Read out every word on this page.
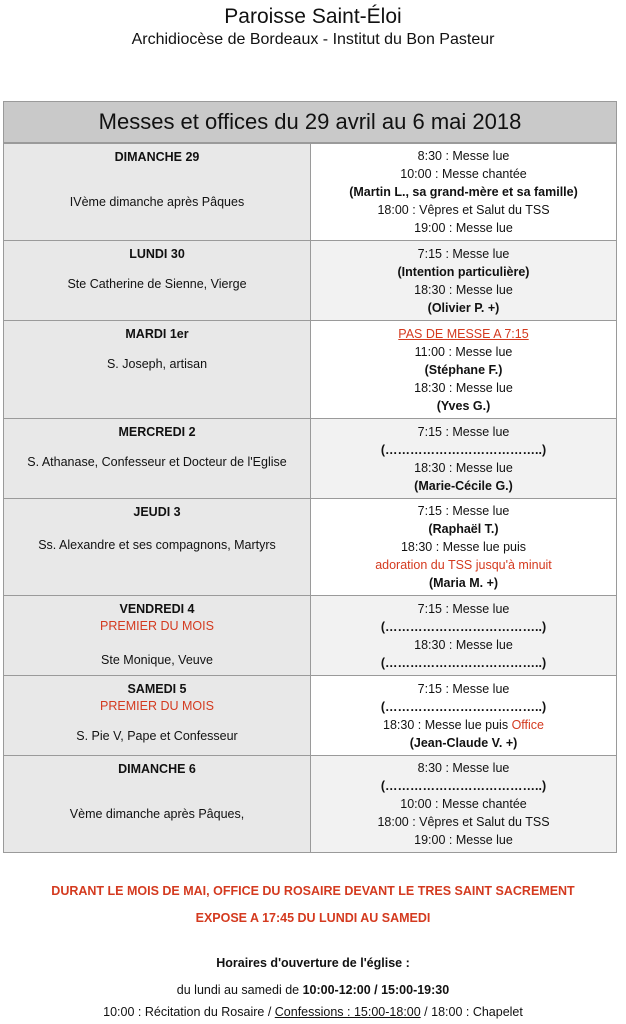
Paroisse Saint-Éloi
Archidiocèse de Bordeaux - Institut du Bon Pasteur
Messes et offices du 29 avril au 6 mai 2018
DIMANCHE 29
IVème dimanche après Pâques
8:30 : Messe lue
10:00 : Messe chantée
(Martin L., sa grand-mère et sa famille)
18:00 : Vêpres et Salut du TSS
19:00 : Messe lue
LUNDI 30
Ste Catherine de Sienne, Vierge
7:15 : Messe lue
(Intention particulière)
18:30 : Messe lue
(Olivier P. +)
MARDI 1er
S. Joseph, artisan
PAS DE MESSE A 7:15
11:00 : Messe lue
(Stéphane F.)
18:30 : Messe lue
(Yves G.)
MERCREDI 2
S. Athanase, Confesseur et Docteur de l'Eglise
7:15 : Messe lue
(………………………………..)
18:30 : Messe lue
(Marie-Cécile G.)
JEUDI 3
Ss. Alexandre et ses compagnons, Martyrs
7:15 : Messe lue
(Raphaël T.)
18:30 : Messe lue puis
adoration du TSS jusqu'à minuit
(Maria M. +)
VENDREDI 4
PREMIER DU MOIS
Ste Monique, Veuve
7:15 : Messe lue
(………………………………..)
18:30 : Messe lue
(………………………………..)
SAMEDI 5
PREMIER DU MOIS
S. Pie V, Pape et Confesseur
7:15 : Messe lue
(………………………………..)
18:30 : Messe lue puis Office
(Jean-Claude V. +)
DIMANCHE 6
Vème dimanche après Pâques,
8:30 : Messe lue
(………………………………..)
10:00 : Messe chantée
18:00 : Vêpres et Salut du TSS
19:00 : Messe lue
DURANT LE MOIS DE MAI, OFFICE DU ROSAIRE DEVANT LE TRES SAINT SACREMENT
EXPOSE A 17:45 DU LUNDI AU SAMEDI
Horaires d'ouverture de l'église :
du lundi au samedi de 10:00-12:00 / 15:00-19:30
10:00 : Récitation du Rosaire / Confessions : 15:00-18:00 / 18:00 : Chapelet
